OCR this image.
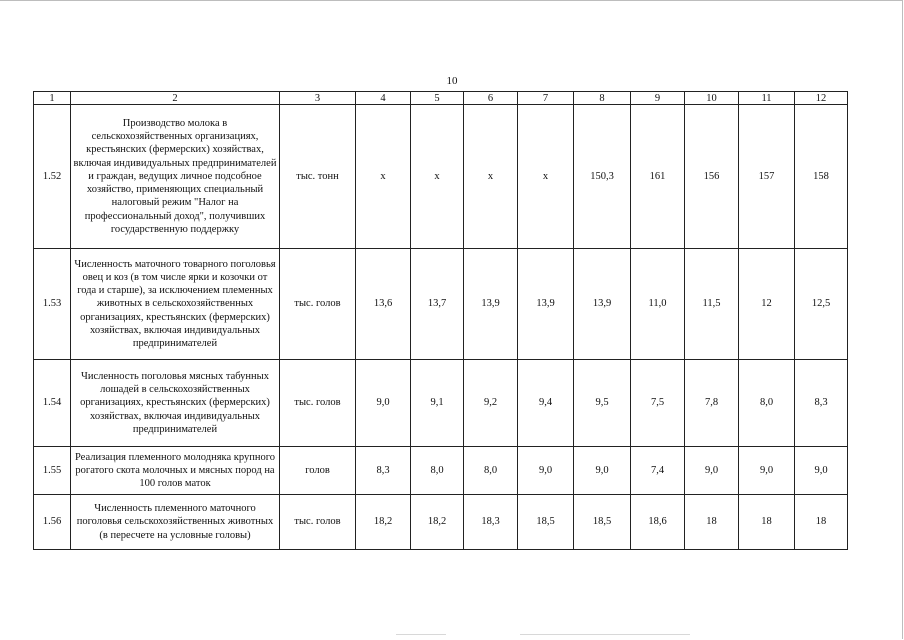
10
1	2	3	4	5	6	7	8	9	10	11	12
1.52	Производство молока в сельскохозяйственных организациях, крестьянских (фермерских) хозяйствах, включая индивидуальных предпринимателей и граждан, ведущих личное подсобное хозяйство, применяющих специальный налоговый режим "Налог на профессиональный доход", получивших государственную поддержку	тыс. тонн	x	x	x	x	150,3	161	156	157	158
1.53	Численность маточного товарного поголовья овец и коз (в том числе ярки и козочки от года и старше), за исключением племенных животных в сельскохозяйственных организациях, крестьянских (фермерских) хозяйствах, включая индивидуальных предпринимателей	тыс. голов	13,6	13,7	13,9	13,9	13,9	11,0	11,5	12	12,5
1.54	Численность поголовья мясных табунных лошадей в сельскохозяйственных организациях, крестьянских (фермерских) хозяйствах, включая индивидуальных предпринимателей	тыс. голов	9,0	9,1	9,2	9,4	9,5	7,5	7,8	8,0	8,3
1.55	Реализация племенного молодняка крупного рогатого скота молочных и мясных пород на 100 голов маток	голов	8,3	8,0	8,0	9,0	9,0	7,4	9,0	9,0	9,0
1.56	Численность племенного маточного поголовья сельскохозяйственных животных (в пересчете на условные головы)	тыс. голов	18,2	18,2	18,3	18,5	18,5	18,6	18	18	18
